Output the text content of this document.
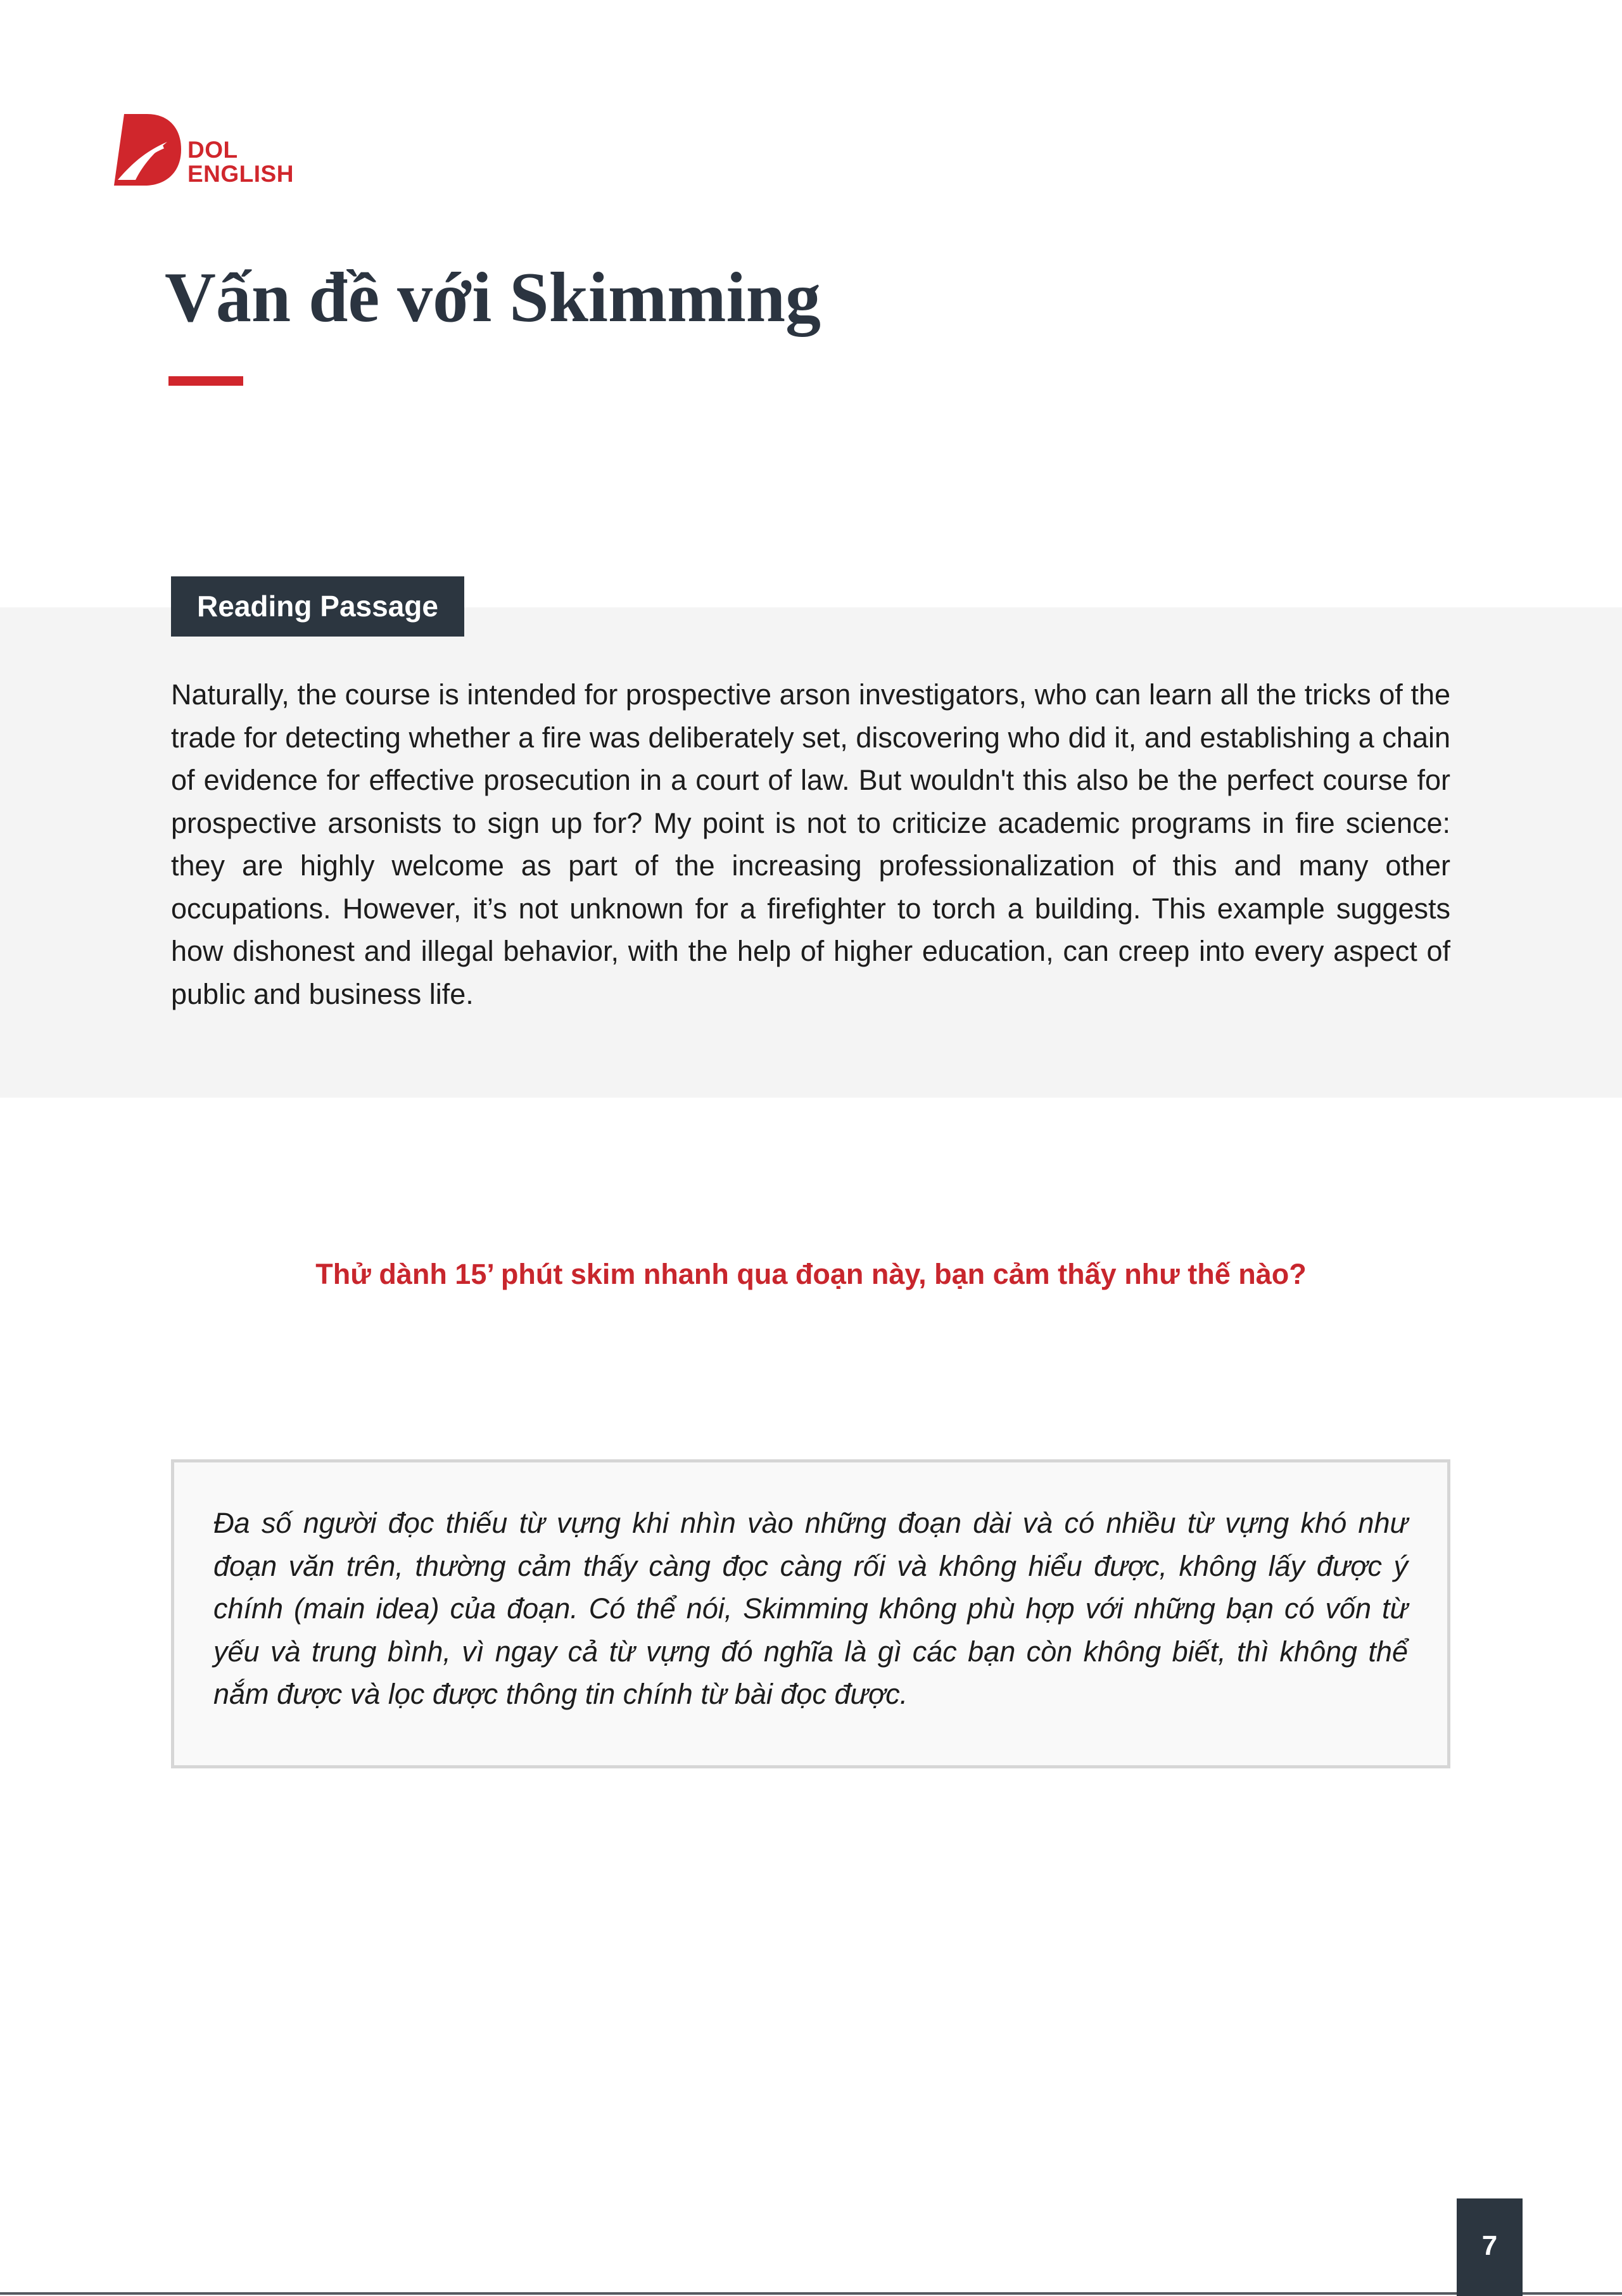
DOL
ENGLISH
Vấn đề với Skimming
Reading Passage

Naturally, the course is intended for prospective arson investigators, who can learn all the tricks of the trade for detecting whether a fire was deliberately set, discovering who did it, and establishing a chain of evidence for effective prosecution in a court of law. But wouldn't this also be the perfect course for prospective arsonists to sign up for? My point is not to criticize academic programs in fire science: they are highly welcome as part of the increasing professionalization of this and many other occupations. However, it’s not unknown for a firefighter to torch a building. This example suggests how dishonest and illegal behavior, with the help of higher education, can creep into every aspect of public and business life.

Thử dành 15’ phút skim nhanh qua đoạn này, bạn cảm thấy như thế nào?

Đa số người đọc thiếu từ vựng khi nhìn vào những đoạn dài và có nhiều từ vựng khó như đoạn văn trên, thường cảm thấy càng đọc càng rối và không hiểu được, không lấy được ý chính (main idea) của đoạn. Có thể nói, Skimming không phù hợp với những bạn có vốn từ yếu và trung bình, vì ngay cả từ vựng đó nghĩa là gì các bạn còn không biết, thì không thể nắm được và lọc được thông tin chính từ bài đọc được.

7
